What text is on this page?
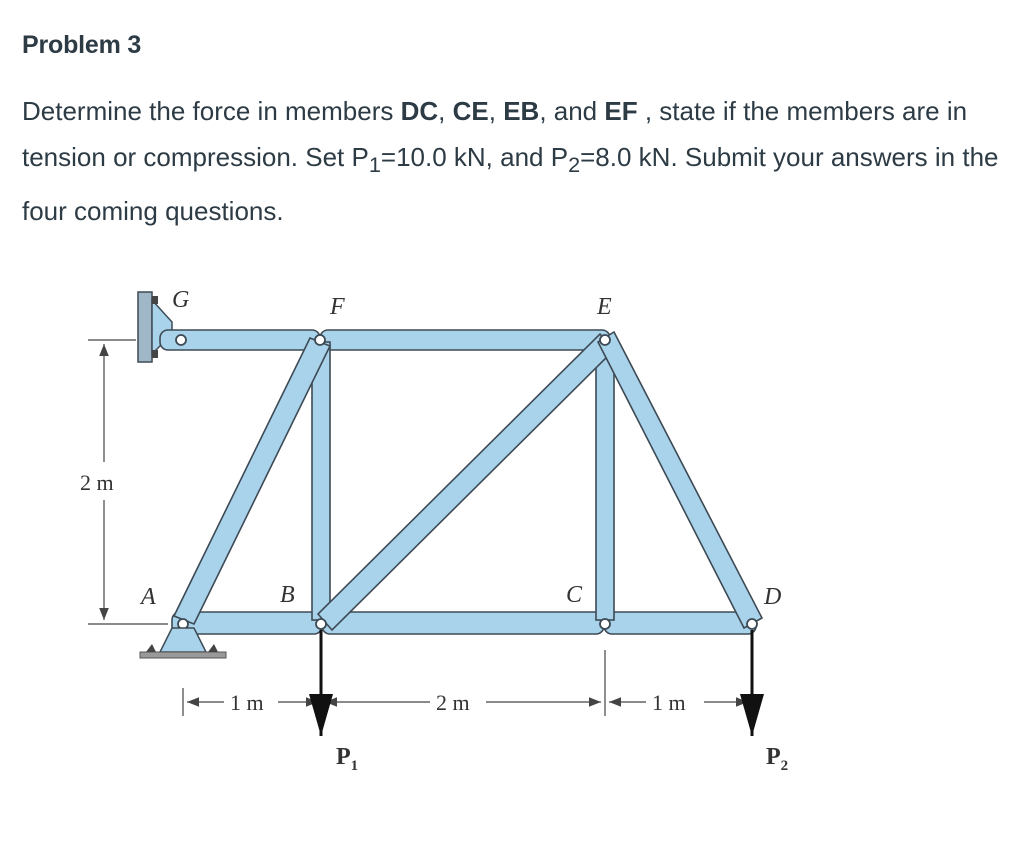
Problem 3

Determine the force in members DC, CE, EB, and EF , state if the members are in tension or compression. Set $P_1=10.0$ kN, and $P_2=8.0$ kN. Submit your answers in the four coming questions.

2 m
1 m	2 m	1 m
$P_1$	$P_2$
G	F	E
A	B	C	D
